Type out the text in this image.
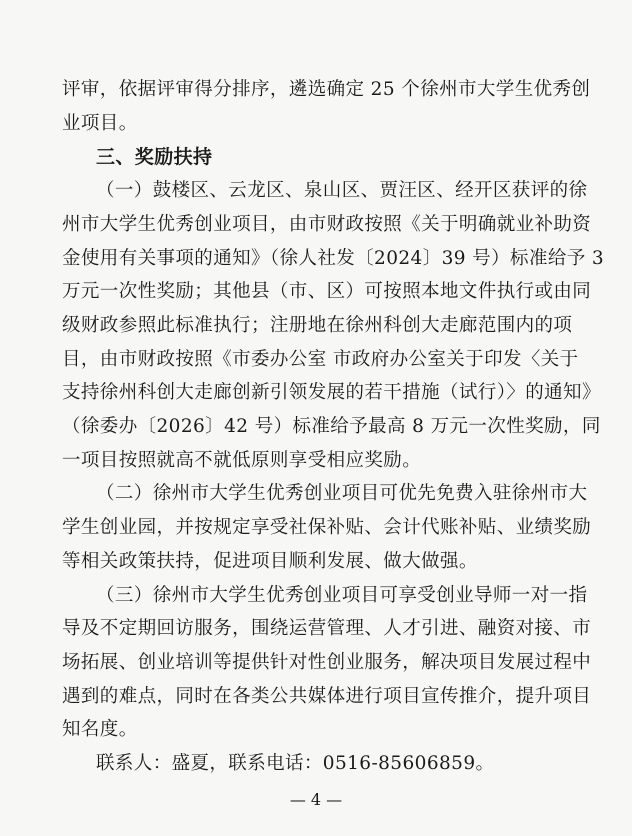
评审，依据评审得分排序，遴选确定 25 个徐州市大学生优秀创
业项目。
三、奖励扶持
（一）鼓楼区、云龙区、泉山区、贾汪区、经开区获评的徐
州市大学生优秀创业项目，由市财政按照《关于明确就业补助资
金使用有关事项的通知》（徐人社发〔2024〕39 号）标准给予 3
万元一次性奖励；其他县（市、区）可按照本地文件执行或由同
级财政参照此标准执行；注册地在徐州科创大走廊范围内的项
目，由市财政按照《市委办公室 市政府办公室关于印发〈关于
支持徐州科创大走廊创新引领发展的若干措施（试行）〉的通知》
（徐委办〔2026〕42 号）标准给予最高 8 万元一次性奖励，同
一项目按照就高不就低原则享受相应奖励。
（二）徐州市大学生优秀创业项目可优先免费入驻徐州市大
学生创业园，并按规定享受社保补贴、会计代账补贴、业绩奖励
等相关政策扶持，促进项目顺利发展、做大做强。
（三）徐州市大学生优秀创业项目可享受创业导师一对一指
导及不定期回访服务，围绕运营管理、人才引进、融资对接、市
场拓展、创业培训等提供针对性创业服务，解决项目发展过程中
遇到的难点，同时在各类公共媒体进行项目宣传推介，提升项目
知名度。
联系人：盛夏，联系电话：0516-85606859。
— 4 —
